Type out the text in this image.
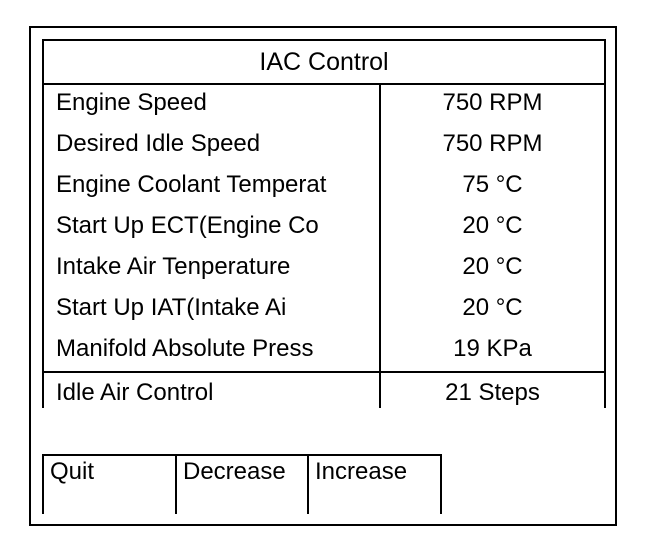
IAC Control
Engine Speed	750 RPM
Desired Idle Speed	750 RPM
Engine Coolant Temperat	75 °C
Start Up ECT(Engine Co	20 °C
Intake Air Tenperature	20 °C
Start Up IAT(Intake Ai	20 °C
Manifold Absolute Press	19 KPa
Idle Air Control	21 Steps
Quit	Decrease	Increase
